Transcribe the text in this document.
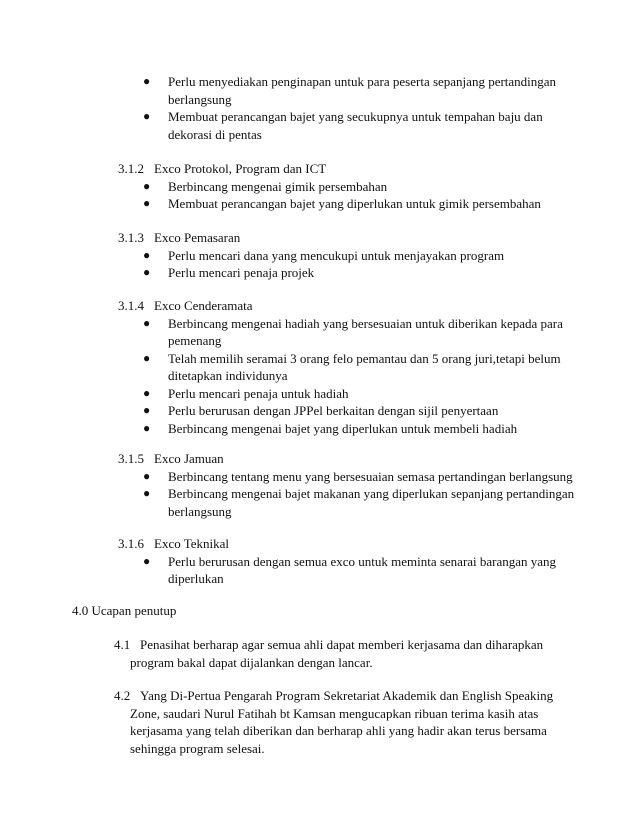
● Perlu menyediakan penginapan untuk para peserta sepanjang pertandingan berlangsung
● Membuat perancangan bajet yang secukupnya untuk tempahan baju dan dekorasi di pentas
3.1.2 Exco Protokol, Program dan ICT
● Berbincang mengenai gimik persembahan
● Membuat perancangan bajet yang diperlukan untuk gimik persembahan
3.1.3 Exco Pemasaran
● Perlu mencari dana yang mencukupi untuk menjayakan program
● Perlu mencari penaja projek
3.1.4 Exco Cenderamata
● Berbincang mengenai hadiah yang bersesuaian untuk diberikan kepada para pemenang
● Telah memilih seramai 3 orang felo pemantau dan 5 orang juri,tetapi belum ditetapkan individunya
● Perlu mencari penaja untuk hadiah
● Perlu berurusan dengan JPPel berkaitan dengan sijil penyertaan
● Berbincang mengenai bajet yang diperlukan untuk membeli hadiah
3.1.5 Exco Jamuan
● Berbincang tentang menu yang bersesuaian semasa pertandingan berlangsung
● Berbincang mengenai bajet makanan yang diperlukan sepanjang pertandingan berlangsung
3.1.6 Exco Teknikal
● Perlu berurusan dengan semua exco untuk meminta senarai barangan yang diperlukan
4.0 Ucapan penutup
4.1 Penasihat berharap agar semua ahli dapat memberi kerjasama dan diharapkan program bakal dapat dijalankan dengan lancar.
4.2 Yang Di-Pertua Pengarah Program Sekretariat Akademik dan English Speaking Zone, saudari Nurul Fatihah bt Kamsan mengucapkan ribuan terima kasih atas kerjasama yang telah diberikan dan berharap ahli yang hadir akan terus bersama sehingga program selesai.
